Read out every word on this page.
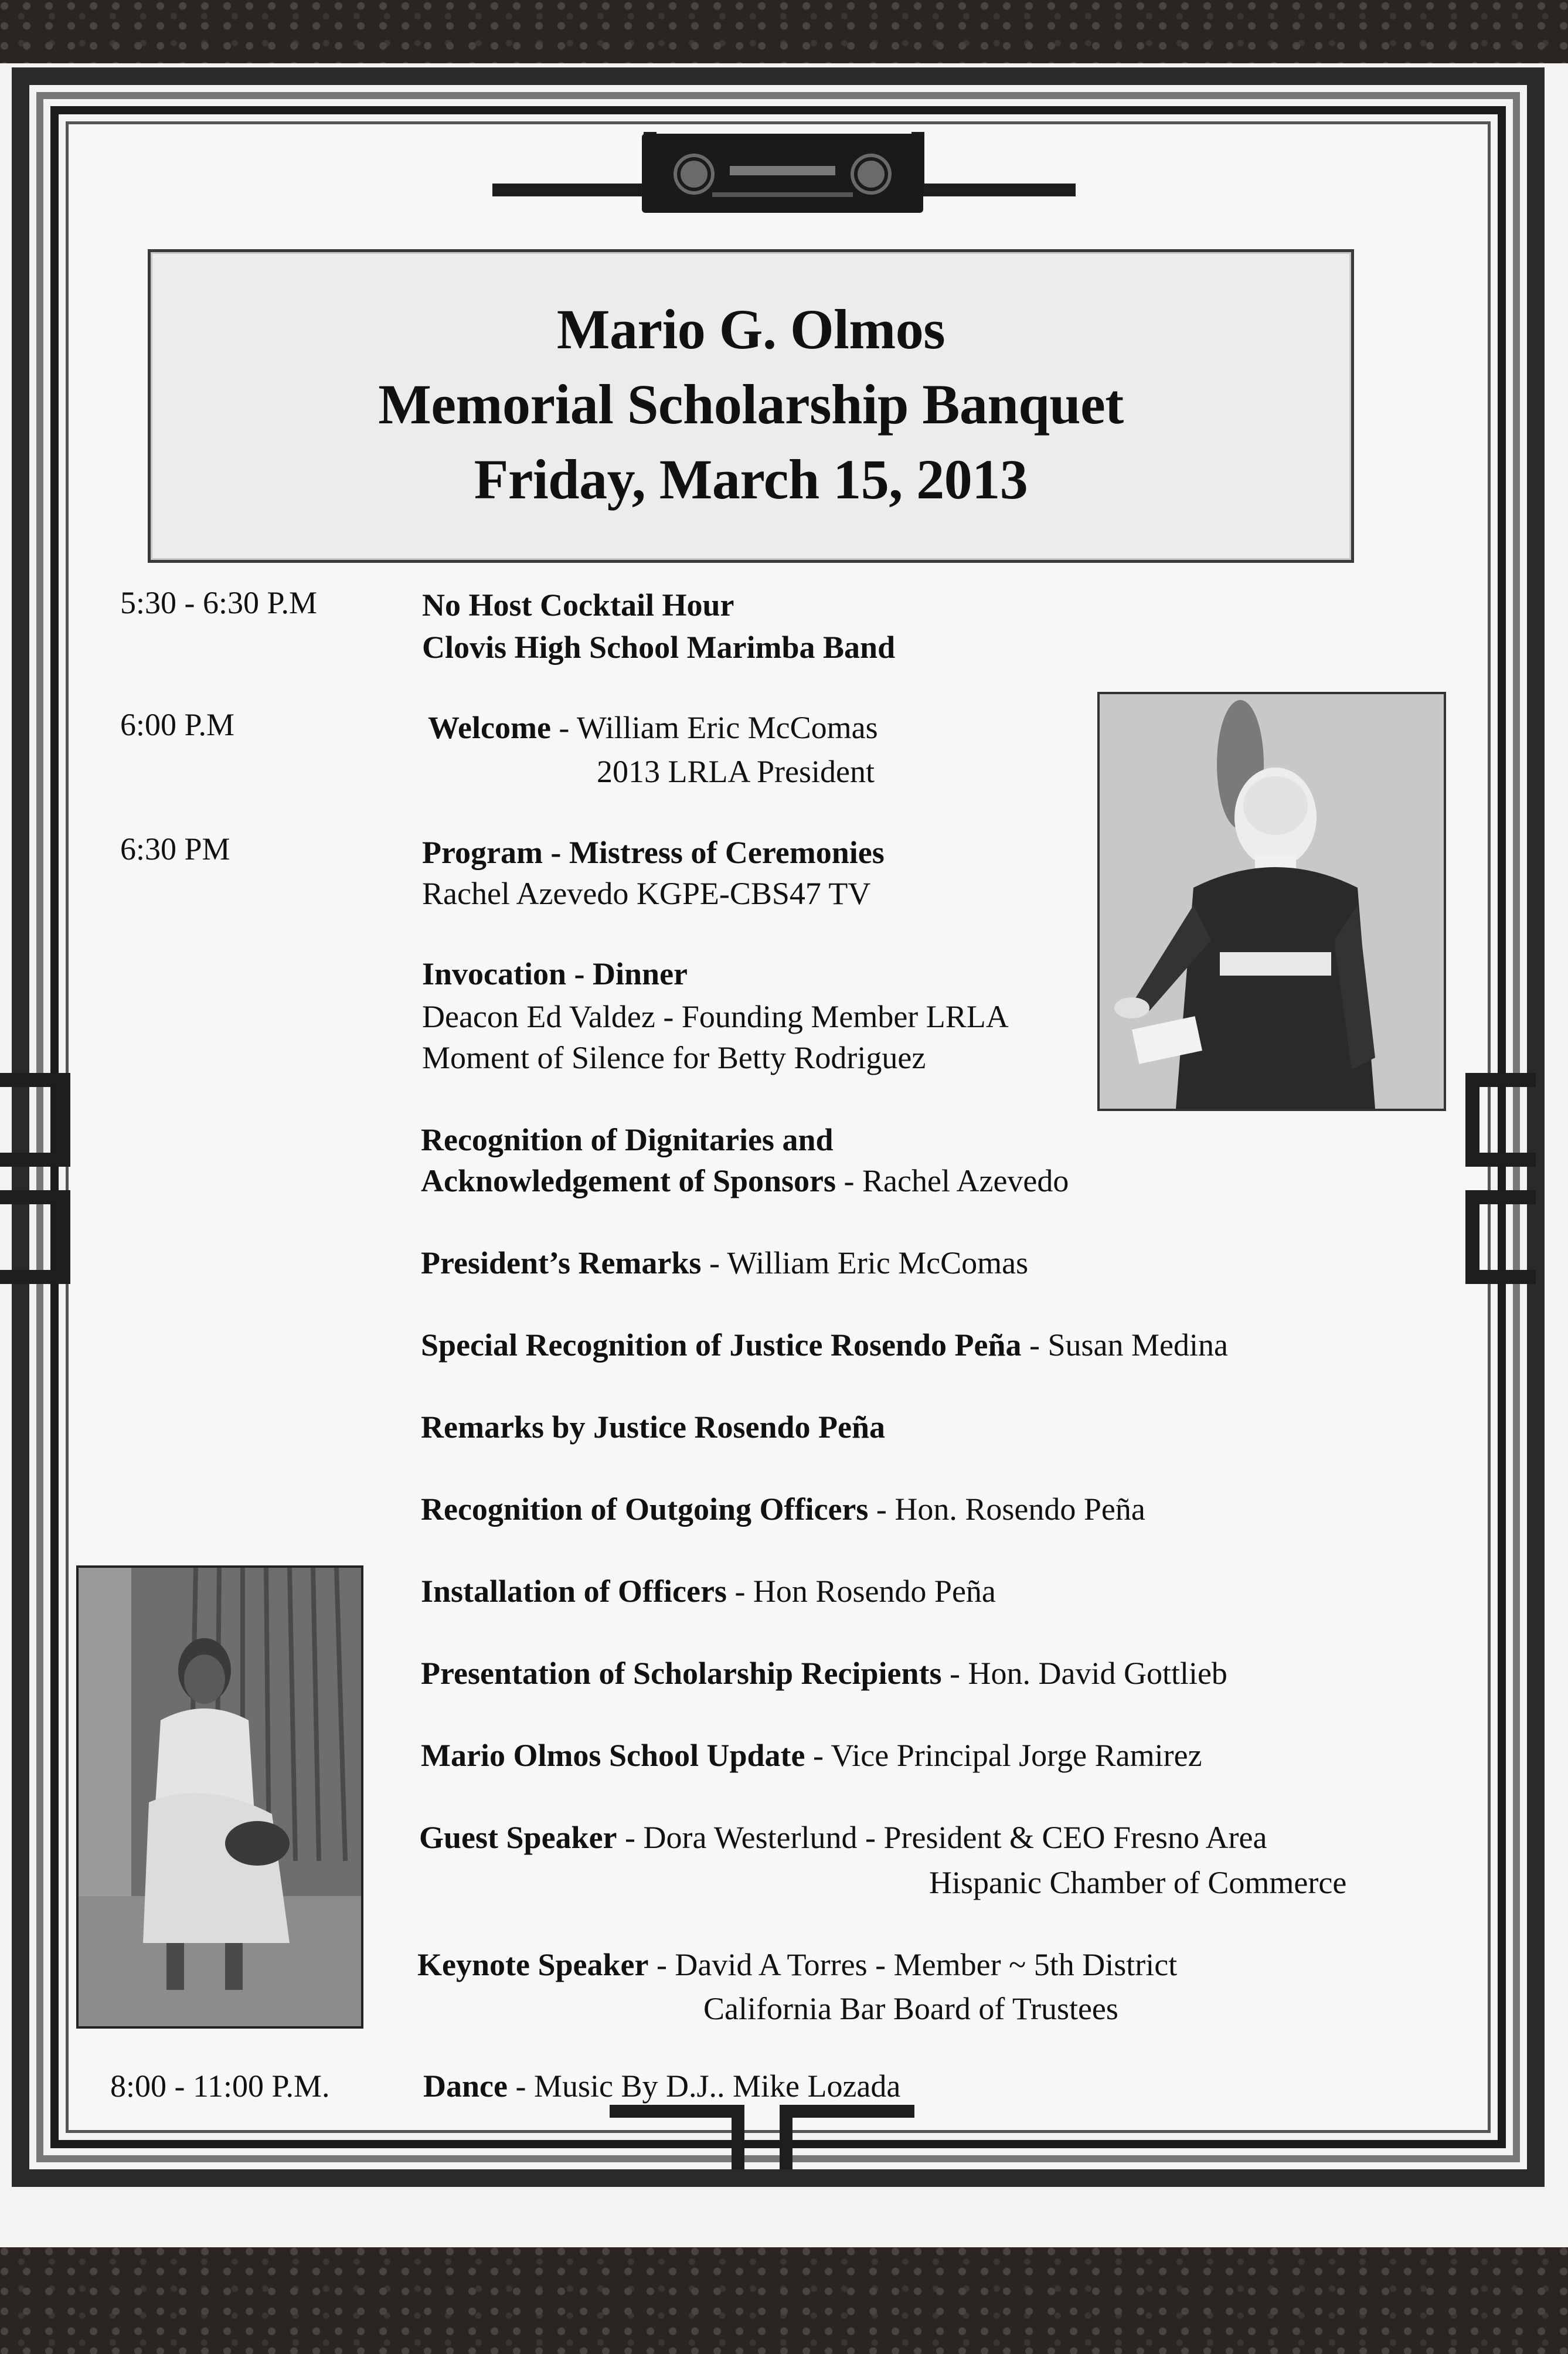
Mario G. Olmos
Memorial Scholarship Banquet
Friday, March 15, 2013
5:30 - 6:30 P.M	No Host Cocktail Hour
Clovis High School Marimba Band
6:00 P.M	Welcome - William Eric McComas
2013 LRLA President
6:30 PM	Program - Mistress of Ceremonies
Rachel Azevedo KGPE-CBS47 TV
Invocation - Dinner
Deacon Ed Valdez - Founding Member LRLA
Moment of Silence for Betty Rodriguez
Recognition of Dignitaries and
Acknowledgement of Sponsors - Rachel Azevedo
President’s Remarks - William Eric McComas
Special Recognition of Justice Rosendo Peña - Susan Medina
Remarks by Justice Rosendo Peña
Recognition of Outgoing Officers - Hon. Rosendo Peña
Installation of Officers - Hon Rosendo Peña
Presentation of Scholarship Recipients - Hon. David Gottlieb
Mario Olmos School Update - Vice Principal Jorge Ramirez
Guest Speaker - Dora Westerlund - President & CEO Fresno Area
Hispanic Chamber of Commerce
Keynote Speaker - David A Torres - Member ~ 5th District
California Bar Board of Trustees
8:00 - 11:00 P.M.	Dance - Music By D.J.. Mike Lozada
